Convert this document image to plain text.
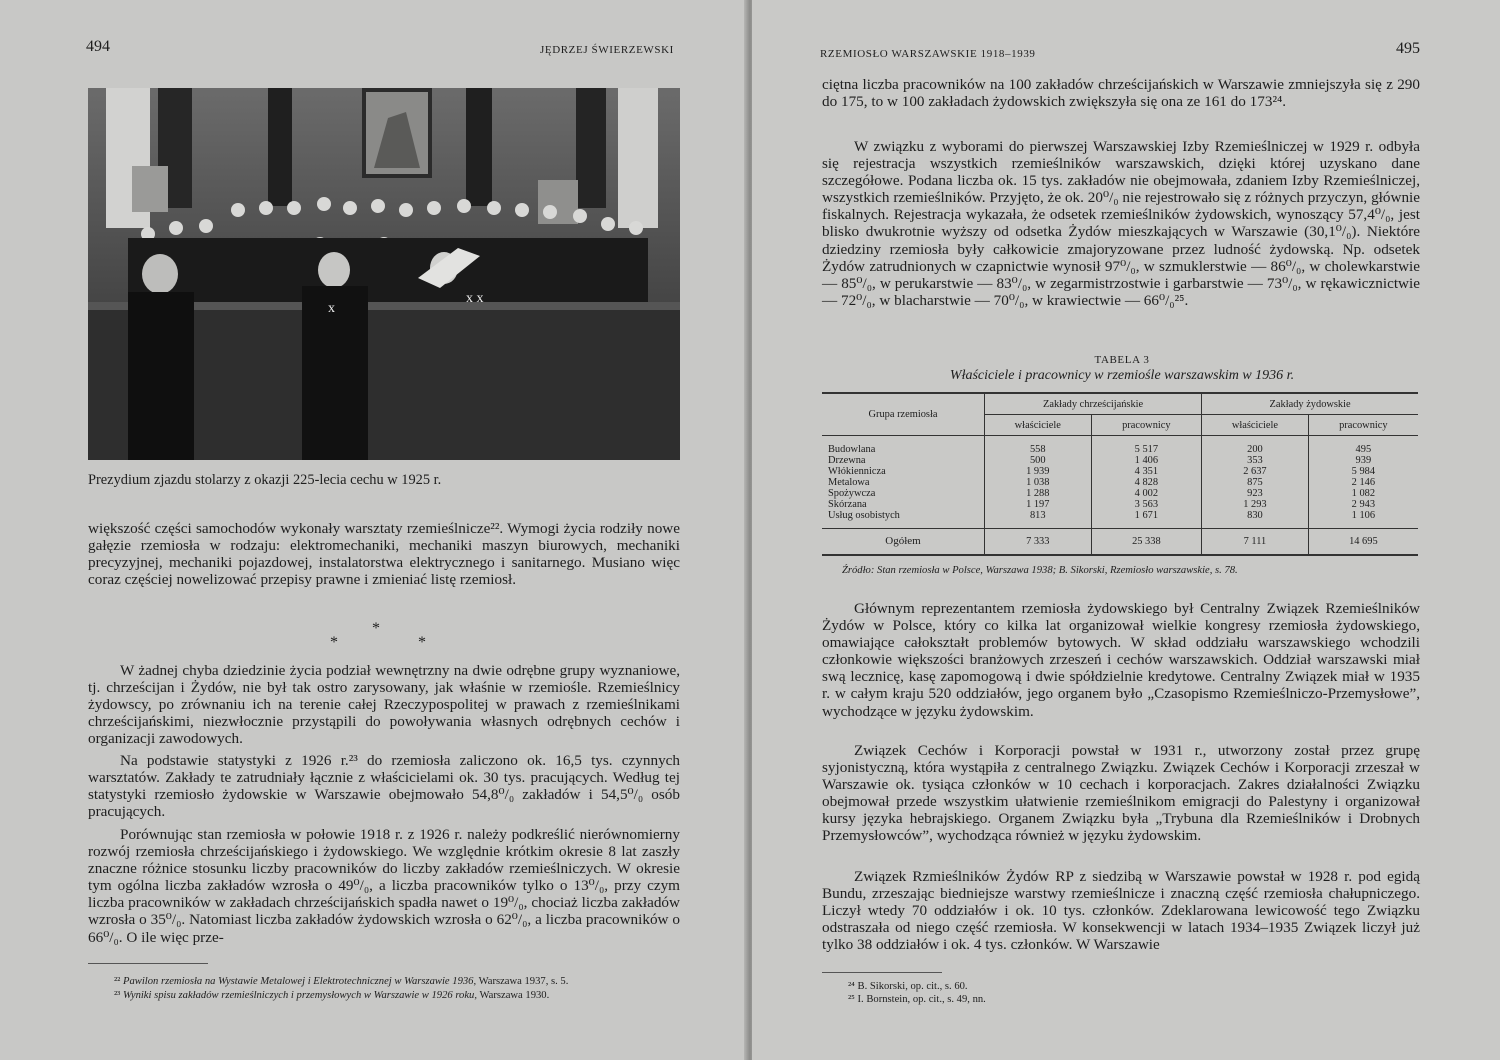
494	JĘDRZEJ ŚWIERZEWSKI
x
x x
Prezydium zjazdu stolarzy z okazji 225-lecia cechu w 1925 r.

większość części samochodów wykonały warsztaty rzemieślnicze²². Wymogi życia rodziły nowe gałęzie rzemiosła w rodzaju: elektromechaniki, mechaniki maszyn biurowych, mechaniki precyzyjnej, mechaniki pojazdowej, instalatorstwa elektrycznego i sanitarnego. Musiano więc coraz częściej nowelizować przepisy prawne i zmieniać listę rzemiosł.

*
*	*

W żadnej chyba dziedzinie życia podział wewnętrzny na dwie odrębne grupy wyznaniowe, tj. chrześcijan i Żydów, nie był tak ostro zarysowany, jak właśnie w rzemiośle. Rzemieślnicy żydowscy, po zrównaniu ich na terenie całej Rzeczypospolitej w prawach z rzemieślnikami chrześcijańskimi, niezwłocznie przystąpili do powoływania własnych odrębnych cechów i organizacji zawodowych.

Na podstawie statystyki z 1926 r.²³ do rzemiosła zaliczono ok. 16,5 tys. czynnych warsztatów. Zakłady te zatrudniały łącznie z właścicielami ok. 30 tys. pracujących. Według tej statystyki rzemiosło żydowskie w Warszawie obejmowało 54,8⁰/₀ zakładów i 54,5⁰/₀ osób pracujących.

Porównując stan rzemiosła w połowie 1918 r. z 1926 r. należy podkreślić nierównomierny rozwój rzemiosła chrześcijańskiego i żydowskiego. We względnie krótkim okresie 8 lat zaszły znaczne różnice stosunku liczby pracowników do liczby zakładów rzemieślniczych. W okresie tym ogólna liczba zakładów wzrosła o 49⁰/₀, a liczba pracowników tylko o 13⁰/₀, przy czym liczba pracowników w zakładach chrześcijańskich spadła nawet o 19⁰/₀, chociaż liczba zakładów wzrosła o 35⁰/₀. Natomiast liczba zakładów żydowskich wzrosła o 62⁰/₀, a liczba pracowników o 66⁰/₀. O ile więc prze-

²² Pawilon rzemiosła na Wystawie Metalowej i Elektrotechnicznej w Warszawie 1936, Warszawa 1937, s. 5.

²³ Wyniki spisu zakładów rzemieślniczych i przemysłowych w Warszawie w 1926 roku, Warszawa 1930.

RZEMIOSŁO WARSZAWSKIE 1918–1939	495

ciętna liczba pracowników na 100 zakładów chrześcijańskich w Warszawie zmniejszyła się z 290 do 175, to w 100 zakładach żydowskich zwiększyła się ona ze 161 do 173²⁴.

W związku z wyborami do pierwszej Warszawskiej Izby Rzemieślniczej w 1929 r. odbyła się rejestracja wszystkich rzemieślników warszawskich, dzięki której uzyskano dane szczegółowe. Podana liczba ok. 15 tys. zakładów nie obejmowała, zdaniem Izby Rzemieślniczej, wszystkich rzemieślników. Przyjęto, że ok. 20⁰/₀ nie rejestrowało się z różnych przyczyn, głównie fiskalnych. Rejestracja wykazała, że odsetek rzemieślników żydowskich, wynoszący 57,4⁰/₀, jest blisko dwukrotnie wyższy od odsetka Żydów mieszkających w Warszawie (30,1⁰/₀). Niektóre dziedziny rzemiosła były całkowicie zmajoryzowane przez ludność żydowską. Np. odsetek Żydów zatrudnionych w czapnictwie wynosił 97⁰/₀, w szmuklerstwie — 86⁰/₀, w cholewkarstwie — 85⁰/₀, w perukarstwie — 83⁰/₀, w zegarmistrzostwie i garbarstwie — 73⁰/₀, w rękawicznictwie — 72⁰/₀, w blacharstwie — 70⁰/₀, w krawiectwie — 66⁰/₀²⁵.

TABELA 3
Właściciele i pracownicy w rzemiośle warszawskim w 1936 r.
Grupa rzemiosła	Zakłady chrześcijańskie		Zakłady żydowskie	
	właściciele	pracownicy	właściciele	pracownicy

Budowlana	558	5 517	200	495
Drzewna	500	1 406	353	939
Włókiennicza	1 939	4 351	2 637	5 984
Metalowa	1 038	4 828	875	2 146
Spożywcza	1 288	4 002	923	1 082
Skórzana	1 197	3 563	1 293	2 943
Usług osobistych	813	1 671	830	1 106

Ogółem	7 333	25 338	7 111	14 695
Źródło: Stan rzemiosła w Polsce, Warszawa 1938; B. Sikorski, Rzemiosło warszawskie, s. 78.

Głównym reprezentantem rzemiosła żydowskiego był Centralny Związek Rzemieślników Żydów w Polsce, który co kilka lat organizował wielkie kongresy rzemiosła żydowskiego, omawiające całokształt problemów bytowych. W skład oddziału warszawskiego wchodzili członkowie większości branżowych zrzeszeń i cechów warszawskich. Oddział warszawski miał swą lecznicę, kasę zapomogową i dwie spółdzielnie kredytowe. Centralny Związek miał w 1935 r. w całym kraju 520 oddziałów, jego organem było „Czasopismo Rzemieślniczo-Przemysłowe”, wychodzące w języku żydowskim.

Związek Cechów i Korporacji powstał w 1931 r., utworzony został przez grupę syjonistyczną, która wystąpiła z centralnego Związku. Związek Cechów i Korporacji zrzeszał w Warszawie ok. tysiąca członków w 10 cechach i korporacjach. Zakres działalności Związku obejmował przede wszystkim ułatwienie rzemieślnikom emigracji do Palestyny i organizował kursy języka hebrajskiego. Organem Związku była „Trybuna dla Rzemieślników i Drobnych Przemysłowców”, wychodząca również w języku żydowskim.

Związek Rzmieślników Żydów RP z siedzibą w Warszawie powstał w 1928 r. pod egidą Bundu, zrzeszając biedniejsze warstwy rzemieślnicze i znaczną część rzemiosła chałupniczego. Liczył wtedy 70 oddziałów i ok. 10 tys. członków. Zdeklarowana lewicowość tego Związku odstraszała od niego część rzemiosła. W konsekwencji w latach 1934–1935 Związek liczył już tylko 38 oddziałów i ok. 4 tys. członków. W Warszawie

²⁴ B. Sikorski, op. cit., s. 60.

²⁵ I. Bornstein, op. cit., s. 49, nn.
